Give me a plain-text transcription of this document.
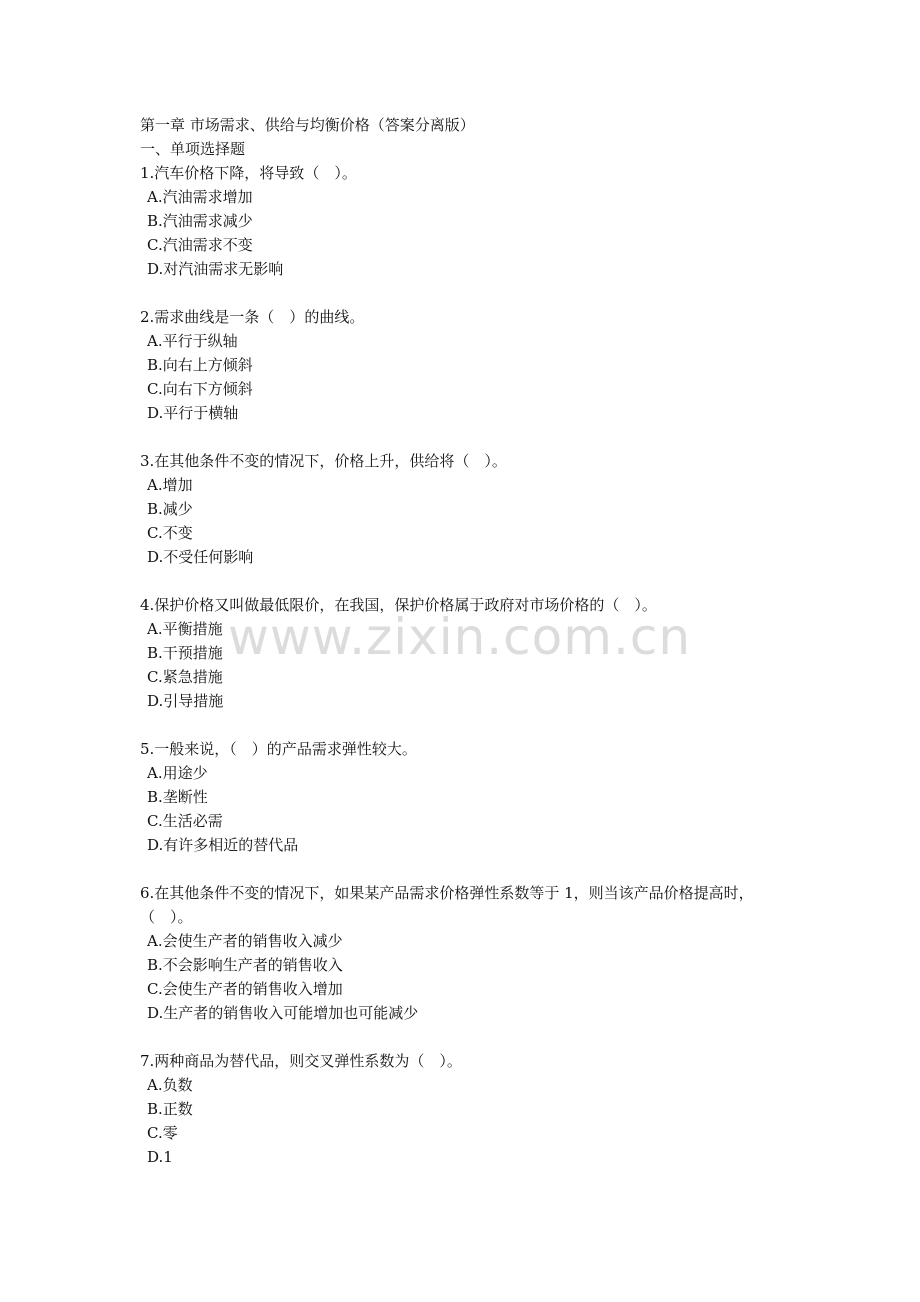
www.zixin.com.cn
第一章 市场需求、供给与均衡价格（答案分离版）
一、单项选择题
1.汽车价格下降，将导致（　）。
A.汽油需求增加
B.汽油需求减少
C.汽油需求不变
D.对汽油需求无影响
2.需求曲线是一条（　）的曲线。
A.平行于纵轴
B.向右上方倾斜
C.向右下方倾斜
D.平行于横轴
3.在其他条件不变的情况下，价格上升，供给将（　）。
A.增加
B.减少
C.不变
D.不受任何影响
4.保护价格又叫做最低限价，在我国，保护价格属于政府对市场价格的（　）。
A.平衡措施
B.干预措施
C.紧急措施
D.引导措施
5.一般来说，（　）的产品需求弹性较大。
A.用途少
B.垄断性
C.生活必需
D.有许多相近的替代品
6.在其他条件不变的情况下，如果某产品需求价格弹性系数等于 1，则当该产品价格提高时，
（　）。
A.会使生产者的销售收入减少
B.不会影响生产者的销售收入
C.会使生产者的销售收入增加
D.生产者的销售收入可能增加也可能减少
7.两种商品为替代品，则交叉弹性系数为（　）。
A.负数
B.正数
C.零
D.1
